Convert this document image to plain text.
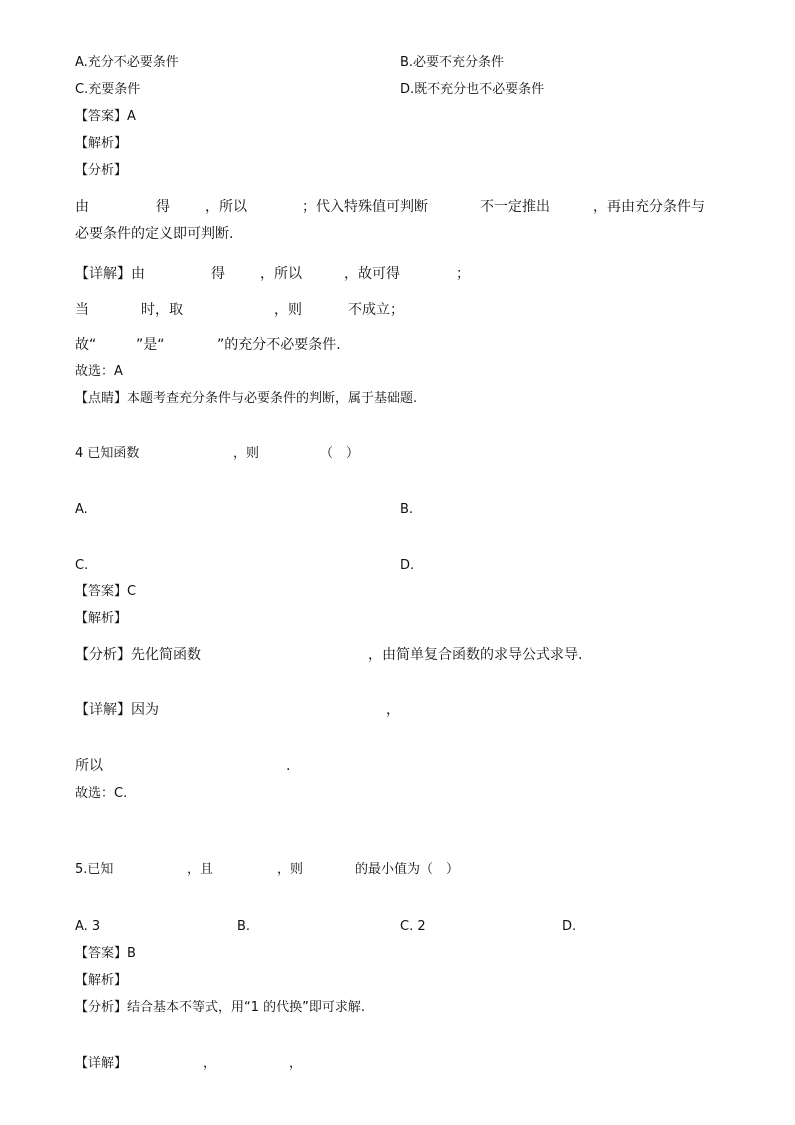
A.充分不必要条件	B.必要不充分条件
C.充要条件	D.既不充分也不必要条件
【答案】A
【解析】
【分析】
由	得	，所以	；代入特殊值可判断	不一定推出	，再由充分条件与
必要条件的定义即可判断.
【详解】由	得	，所以	，故可得	；
当	时，取	，则	不成立；
故“	”是“	”的充分不必要条件.
故选：A
【点睛】本题考查充分条件与必要条件的判断，属于基础题.
4 已知函数	，则	（　）
A.	B.
C.	D.
【答案】C
【解析】
【分析】先化简函数	，由简单复合函数的求导公式求导.
【详解】因为	，
所以	.
故选：C.
5.已知	，且	，则	的最小值为（　）
A. 3	B.	C. 2	D.
【答案】B
【解析】
【分析】结合基本不等式，用“1 的代换”即可求解.
【详解】	，	，
